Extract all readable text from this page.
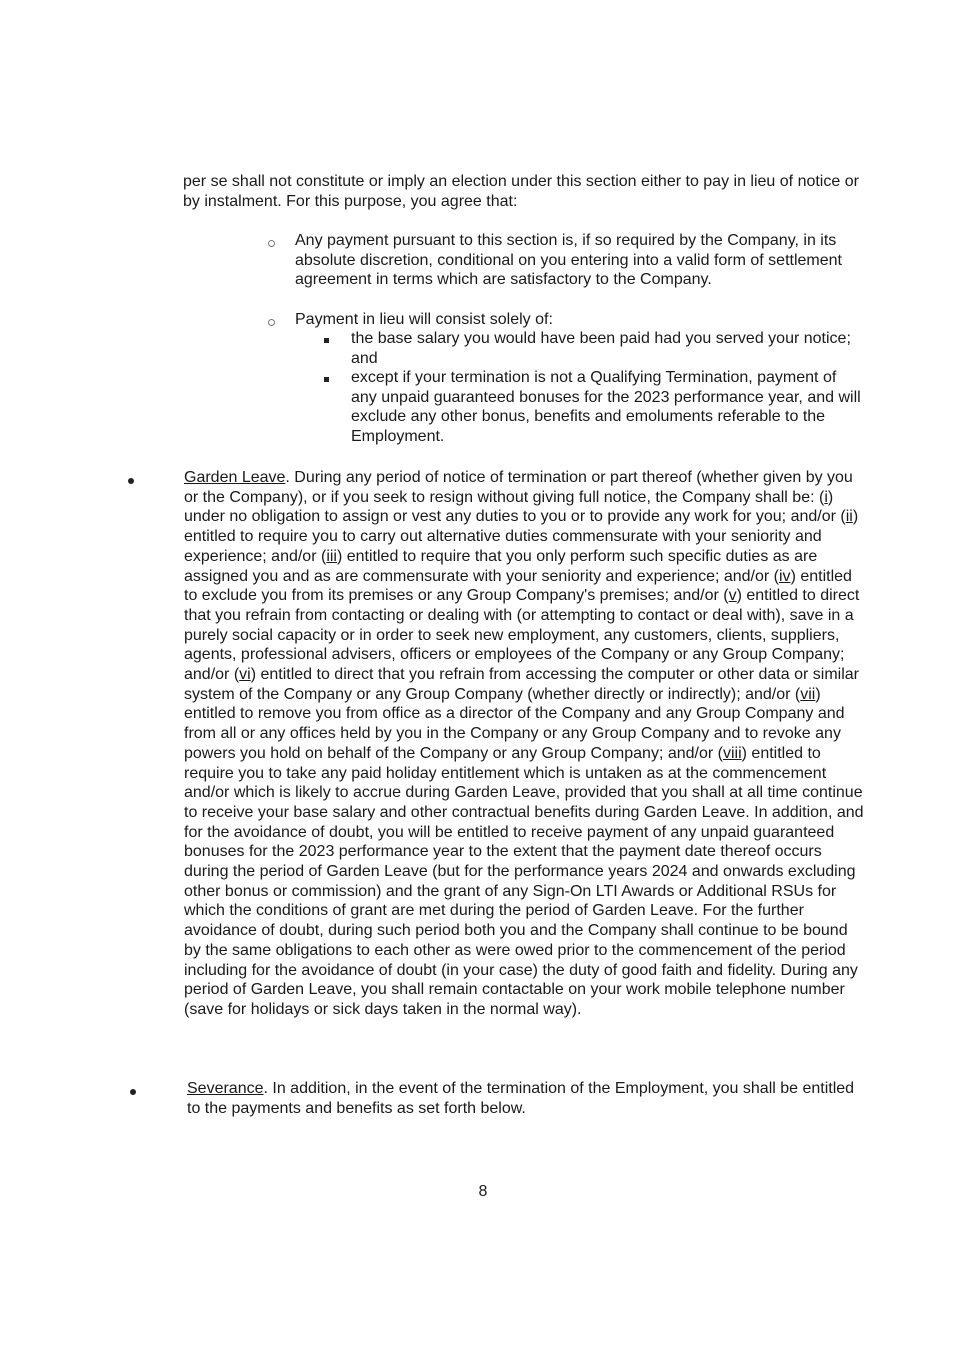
per se shall not constitute or imply an election under this section either to pay in lieu of notice or by instalment. For this purpose, you agree that:

Any payment pursuant to this section is, if so required by the Company, in its absolute discretion, conditional on you entering into a valid form of settlement agreement in terms which are satisfactory to the Company.

Payment in lieu will consist solely of:

the base salary you would have been paid had you served your notice; and

except if your termination is not a Qualifying Termination, payment of any unpaid guaranteed bonuses for the 2023 performance year, and will exclude any other bonus, benefits and emoluments referable to the Employment.

Garden Leave. During any period of notice of termination or part thereof (whether given by you or the Company), or if you seek to resign without giving full notice, the Company shall be: (i) under no obligation to assign or vest any duties to you or to provide any work for you; and/or (ii) entitled to require you to carry out alternative duties commensurate with your seniority and experience; and/or (iii) entitled to require that you only perform such specific duties as are assigned you and as are commensurate with your seniority and experience; and/or (iv) entitled to exclude you from its premises or any Group Company's premises; and/or (v) entitled to direct that you refrain from contacting or dealing with (or attempting to contact or deal with), save in a purely social capacity or in order to seek new employment, any customers, clients, suppliers, agents, professional advisers, officers or employees of the Company or any Group Company; and/or (vi) entitled to direct that you refrain from accessing the computer or other data or similar system of the Company or any Group Company (whether directly or indirectly); and/or (vii) entitled to remove you from office as a director of the Company and any Group Company and from all or any offices held by you in the Company or any Group Company and to revoke any powers you hold on behalf of the Company or any Group Company; and/or (viii) entitled to require you to take any paid holiday entitlement which is untaken as at the commencement and/or which is likely to accrue during Garden Leave, provided that you shall at all time continue to receive your base salary and other contractual benefits during Garden Leave. In addition, and for the avoidance of doubt, you will be entitled to receive payment of any unpaid guaranteed bonuses for the 2023 performance year to the extent that the payment date thereof occurs during the period of Garden Leave (but for the performance years 2024 and onwards excluding other bonus or commission) and the grant of any Sign-On LTI Awards or Additional RSUs for which the conditions of grant are met during the period of Garden Leave. For the further avoidance of doubt, during such period both you and the Company shall continue to be bound by the same obligations to each other as were owed prior to the commencement of the period including for the avoidance of doubt (in your case) the duty of good faith and fidelity. During any period of Garden Leave, you shall remain contactable on your work mobile telephone number (save for holidays or sick days taken in the normal way).

Severance. In addition, in the event of the termination of the Employment, you shall be entitled to the payments and benefits as set forth below.

8
